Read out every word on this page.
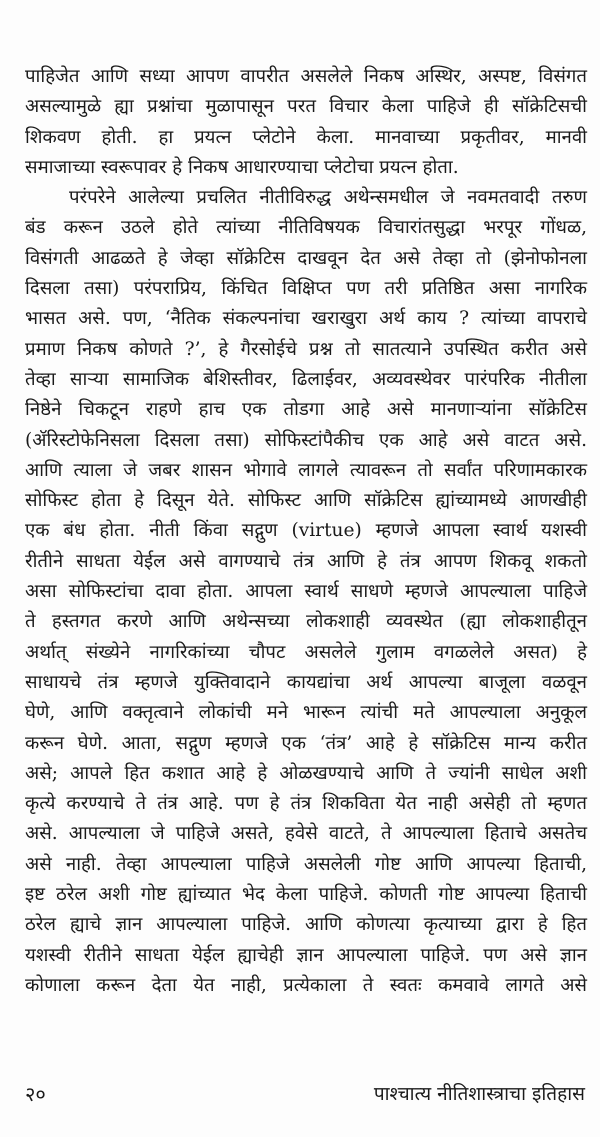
पाहिजेत आणि सध्या आपण वापरीत असलेले निकष अस्थिर, अस्पष्ट, विसंगत
असल्यामुळे ह्या प्रश्नांचा मुळापासून परत विचार केला पाहिजे ही सॉक्रेटिसची
शिकवण होती. हा प्रयत्न प्लेटोने केला. मानवाच्या प्रकृतीवर, मानवी
समाजाच्या स्वरूपावर हे निकष आधारण्याचा प्लेटोचा प्रयत्न होता.
परंपरेने आलेल्या प्रचलित नीतीविरुद्ध अथेन्समधील जे नवमतवादी तरुण
बंड करून उठले होते त्यांच्या नीतिविषयक विचारांतसुद्धा भरपूर गोंधळ,
विसंगती आढळते हे जेव्हा सॉक्रेटिस दाखवून देत असे तेव्हा तो (झेनोफोनला
दिसला तसा) परंपराप्रिय, किंचित विक्षिप्त पण तरी प्रतिष्ठित असा नागरिक
भासत असे. पण, ‘नैतिक संकल्पनांचा खराखुरा अर्थ काय ? त्यांच्या वापराचे
प्रमाण निकष कोणते ?’, हे गैरसोईचे प्रश्न तो सातत्याने उपस्थित करीत असे
तेव्हा साऱ्या सामाजिक बेशिस्तीवर, ढिलाईवर, अव्यवस्थेवर पारंपरिक नीतीला
निष्ठेने चिकटून राहणे हाच एक तोडगा आहे असे मानणाऱ्यांना सॉक्रेटिस
(ॲरिस्टोफेनिसला दिसला तसा) सोफिस्टांपैकीच एक आहे असे वाटत असे.
आणि त्याला जे जबर शासन भोगावे लागले त्यावरून तो सर्वांत परिणामकारक
सोफिस्ट होता हे दिसून येते. सोफिस्ट आणि सॉक्रेटिस ह्यांच्यामध्ये आणखीही
एक बंध होता. नीती किंवा सद्गुण (virtue) म्हणजे आपला स्वार्थ यशस्वी
रीतीने साधता येईल असे वागण्याचे तंत्र आणि हे तंत्र आपण शिकवू शकतो
असा सोफिस्टांचा दावा होता. आपला स्वार्थ साधणे म्हणजे आपल्याला पाहिजे
ते हस्तगत करणे आणि अथेन्सच्या लोकशाही व्यवस्थेत (ह्या लोकशाहीतून
अर्थात् संख्येने नागरिकांच्या चौपट असलेले गुलाम वगळलेले असत) हे
साधायचे तंत्र म्हणजे युक्तिवादाने कायद्यांचा अर्थ आपल्या बाजूला वळवून
घेणे, आणि वक्तृत्वाने लोकांची मने भारून त्यांची मते आपल्याला अनुकूल
करून घेणे. आता, सद्गुण म्हणजे एक ‘तंत्र’ आहे हे सॉक्रेटिस मान्य करीत
असे; आपले हित कशात आहे हे ओळखण्याचे आणि ते ज्यांनी साधेल अशी
कृत्ये करण्याचे ते तंत्र आहे. पण हे तंत्र शिकविता येत नाही असेही तो म्हणत
असे. आपल्याला जे पाहिजे असते, हवेसे वाटते, ते आपल्याला हिताचे असतेच
असे नाही. तेव्हा आपल्याला पाहिजे असलेली गोष्ट आणि आपल्या हिताची,
इष्ट ठरेल अशी गोष्ट ह्यांच्यात भेद केला पाहिजे. कोणती गोष्ट आपल्या हिताची
ठरेल ह्याचे ज्ञान आपल्याला पाहिजे. आणि कोणत्या कृत्याच्या द्वारा हे हित
यशस्वी रीतीने साधता येईल ह्याचेही ज्ञान आपल्याला पाहिजे. पण असे ज्ञान
कोणाला करून देता येत नाही, प्रत्येकाला ते स्वतः कमवावे लागते असे
२०	पाश्चात्य नीतिशास्त्राचा इतिहास
